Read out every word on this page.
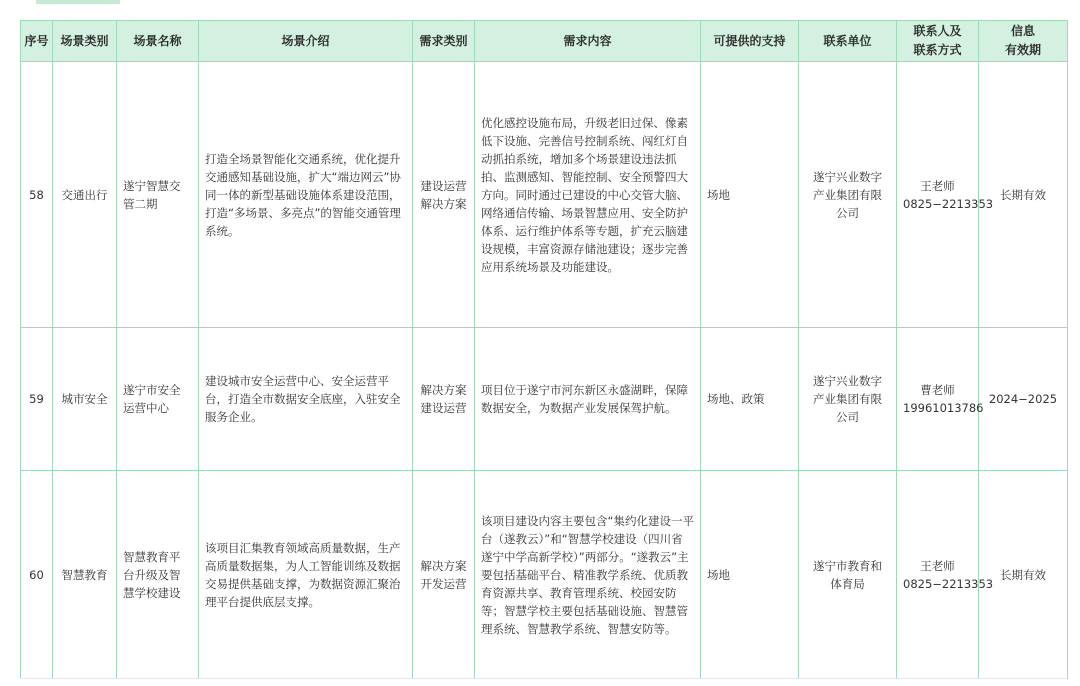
序号	场景类别	场景名称	场景介绍	需求类别	需求内容	可提供的支持	联系单位	联系人及
联系方式	信息
有效期
58	交通出行	遂宁智慧交
管二期	打造全场景智能化交通系统，优化提升交通感知基础设施，扩大“端边网云”协同一体的新型基础设施体系建设范围，打造“多场景、多亮点”的智能交通管理系统。	建设运营
解决方案	优化感控设施布局，升级老旧过保、像素低下设施、完善信号控制系统、闯红灯自动抓拍系统，增加多个场景建设违法抓拍、监测感知、智能控制、安全预警四大方向。同时通过已建设的中心交管大脑、网络通信传输、场景智慧应用、安全防护体系、运行维护体系等专题，扩充云脑建设规模，丰富资源存储池建设；逐步完善应用系统场景及功能建设。	场地	遂宁兴业数字
产业集团有限
公司	王老师
0825−2213353	长期有效
59	城市安全	遂宁市安全
运营中心	建设城市安全运营中心、安全运营平台，打造全市数据安全底座，入驻安全服务企业。	解决方案
建设运营	项目位于遂宁市河东新区永盛湖畔，保障数据安全，为数据产业发展保驾护航。	场地、政策	遂宁兴业数字
产业集团有限
公司	曹老师
19961013786	2024−2025
60	智慧教育	智慧教育平
台升级及智
慧学校建设	该项目汇集教育领域高质量数据，生产高质量数据集，为人工智能训练及数据交易提供基础支撑，为数据资源汇聚治理平台提供底层支撑。	解决方案
开发运营	该项目建设内容主要包含“集约化建设一平台（遂教云）”和“智慧学校建设（四川省遂宁中学高新学校）”两部分。“遂教云”主要包括基础平台、精准教学系统、优质教育资源共享、教育管理系统、校园安防等；智慧学校主要包括基础设施、智慧管理系统、智慧教学系统、智慧安防等。	场地	遂宁市教育和
体育局	王老师
0825−2213353	长期有效
